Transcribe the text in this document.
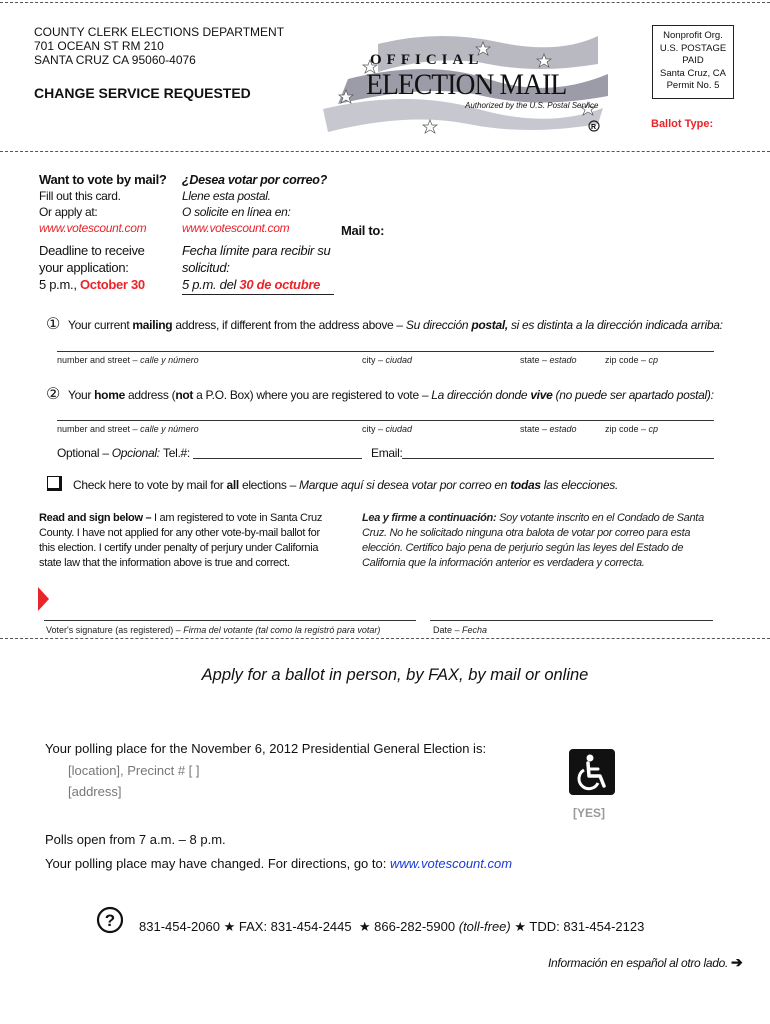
COUNTY CLERK ELECTIONS DEPARTMENT
701 OCEAN ST RM 210
SANTA CRUZ CA 95060-4076
CHANGE SERVICE REQUESTED
R
OFFICIAL
ELECTION MAIL
Authorized by the U.S. Postal Service
Nonprofit Org.
U.S. POSTAGE
PAID
Santa Cruz, CA
Permit No. 5
Ballot Type:
Want to vote by mail?
Fill out this card.
Or apply at:
www.votescount.com
Deadline to receive
your application:
5 p.m., October 30
¿Desea votar por correo?
Llene esta postal.
O solicite en línea en:
www.votescount.com
Fecha límite para recibir su
solicitud:
5 p.m. del 30 de octubre
Mail to:
① Your current mailing address, if different from the address above – Su dirección postal, si es distinta a la dirección indicada arriba:
number and street – calle y número	city – ciudad	state – estado	zip code – cp
② Your home address (not a P.O. Box) where you are registered to vote – La dirección donde vive (no puede ser apartado postal):
number and street – calle y número	city – ciudad	state – estado	zip code – cp
Optional – Opcional: Tel.#:	Email:
Check here to vote by mail for all elections – Marque aquí si desea votar por correo en todas las elecciones.
Read and sign below – I am registered to vote in Santa Cruz
County. I have not applied for any other vote-by-mail ballot for
this election. I certify under penalty of perjury under California
state law that the information above is true and correct.
Lea y firme a continuación: Soy votante inscrito en el Condado de Santa
Cruz. No he solicitado ninguna otra balota de votar por correo para esta
elección. Certifico bajo pena de perjurio según las leyes del Estado de
California que la información anterior es verdadera y correcta.
Voter's signature (as registered) – Firma del votante (tal como la registró para votar)	Date – Fecha
Apply for a ballot in person, by FAX, by mail or online
Your polling place for the November 6, 2012 Presidential General Election is:
[location], Precinct # [ ]
[address]
[YES]
Polls open from 7 a.m. – 8 p.m.
Your polling place may have changed. For directions, go to: www.votescount.com
? 831-454-2060 ★ FAX: 831-454-2445 ★ 866-282-5900 (toll-free) ★ TDD: 831-454-2123
Información en español al otro lado. ➔
